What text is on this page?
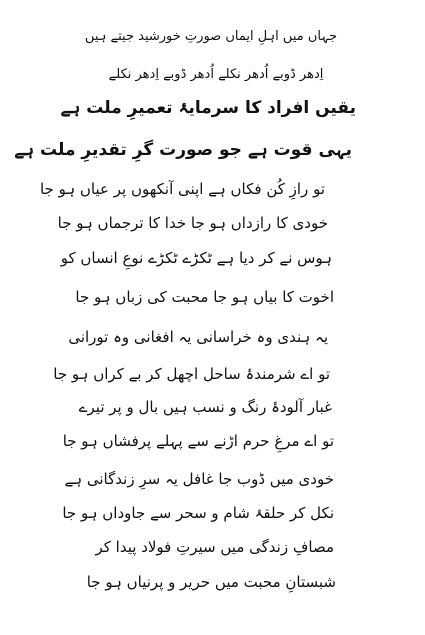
جہاں میں اہلِ ایماں صورتِ خورشید جیتے ہیں
اِدھر ڈوبے اُدھر نکلے اُدھر ڈوبے اِدھر نکلے
یقیں افراد کا سرمایۂ تعمیرِ ملت ہے
یہی قوت ہے جو صورت گرِ تقدیرِ ملت ہے
تو رازِ کُن فکاں ہے اپنی آنکھوں پر عیاں ہو جا
خودی کا رازداں ہو جا خدا کا ترجماں ہو جا
ہوس نے کر دیا ہے ٹکڑے ٹکڑے نوعِ انساں کو
اخوت کا بیاں ہو جا محبت کی زباں ہو جا
یہ ہندی وہ خراسانی یہ افغانی وہ تورانی
تو اے شرمندۂ ساحل اچھل کر بے کراں ہو جا
غبار آلودۂ رنگ و نسب ہیں بال و پر تیرے
تو اے مرغِ حرم اڑنے سے پہلے پرفشاں ہو جا
خودی میں ڈوب جا غافل یہ سرِ زندگانی ہے
نکل کر حلقۂ شام و سحر سے جاوداں ہو جا
مصافِ زندگی میں سیرتِ فولاد پیدا کر
شبستانِ محبت میں حریر و پرنیاں ہو جا
